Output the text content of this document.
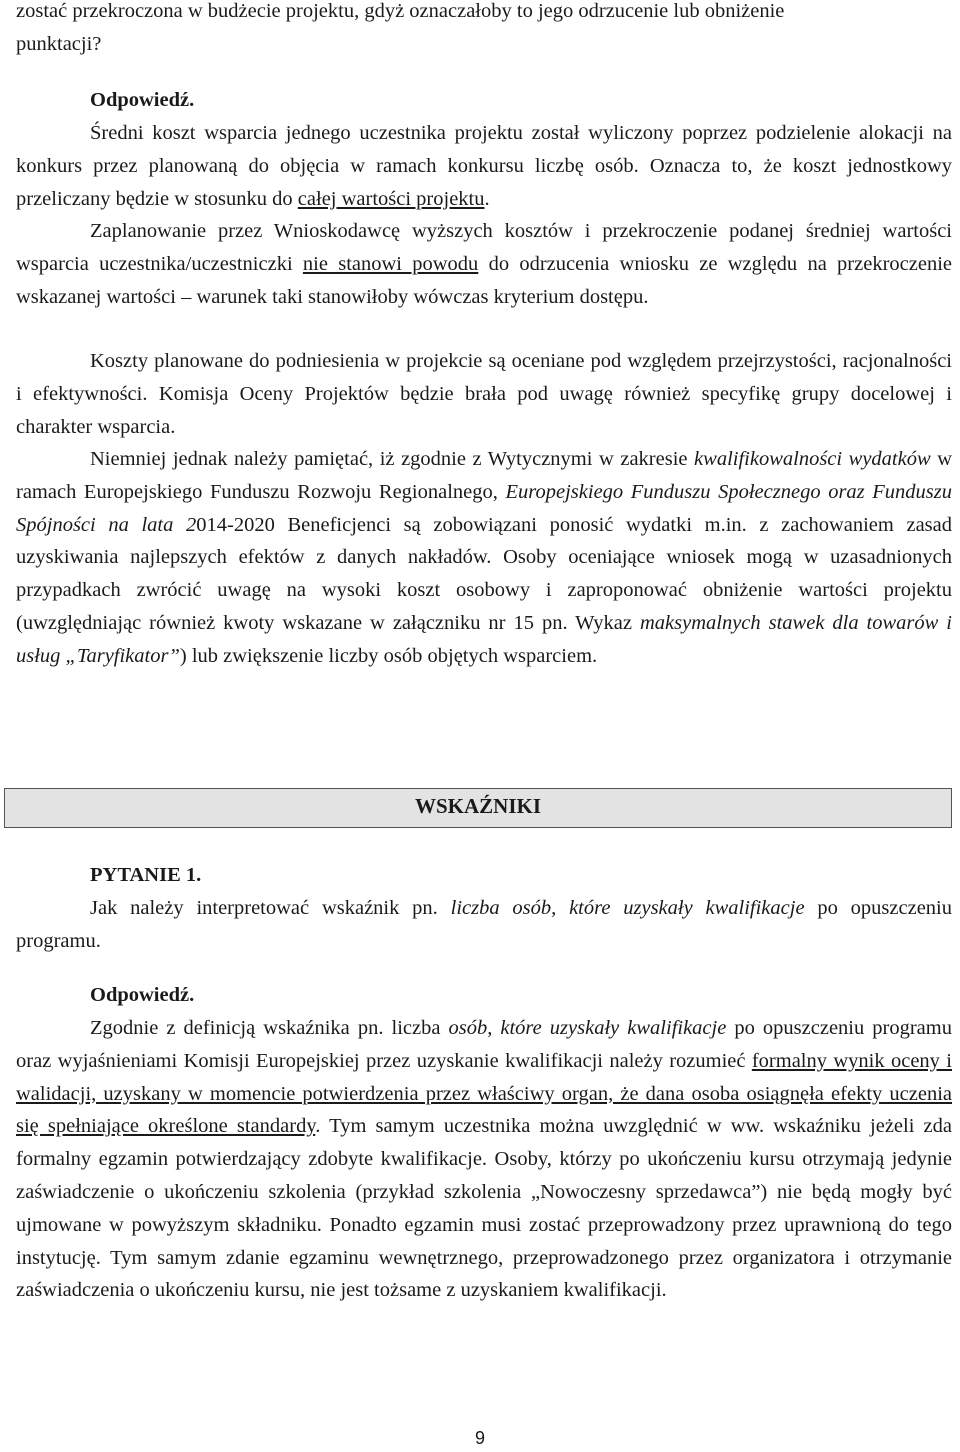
zostać przekroczona w budżecie projektu, gdyż oznaczałoby to jego odrzucenie lub obniżenie
punktacji?

Odpowiedź.

Średni koszt wsparcia jednego uczestnika projektu został wyliczony poprzez podzielenie alokacji na konkurs przez planowaną do objęcia w ramach konkursu liczbę osób. Oznacza to, że koszt jednostkowy przeliczany będzie w stosunku do całej wartości projektu.

Zaplanowanie przez Wnioskodawcę wyższych kosztów i przekroczenie podanej średniej wartości wsparcia uczestnika/uczestniczki nie stanowi powodu do odrzucenia wniosku ze względu na przekroczenie wskazanej wartości – warunek taki stanowiłoby wówczas kryterium dostępu.

Koszty planowane do podniesienia w projekcie są oceniane pod względem przejrzystości, racjonalności i efektywności. Komisja Oceny Projektów będzie brała pod uwagę również specyfikę grupy docelowej i charakter wsparcia.

Niemniej jednak należy pamiętać, iż zgodnie z Wytycznymi w zakresie kwalifikowalności wydatków w ramach Europejskiego Funduszu Rozwoju Regionalnego, Europejskiego Funduszu Społecznego oraz Funduszu Spójności na lata 2014-2020 Beneficjenci są zobowiązani ponosić wydatki m.in. z zachowaniem zasad uzyskiwania najlepszych efektów z danych nakładów. Osoby oceniające wniosek mogą w uzasadnionych przypadkach zwrócić uwagę na wysoki koszt osobowy i zaproponować obniżenie wartości projektu (uwzględniając również kwoty wskazane w załączniku nr 15 pn. Wykaz maksymalnych stawek dla towarów i usług „Taryfikator”) lub zwiększenie liczby osób objętych wsparciem.

WSKAŹNIKI

PYTANIE 1.

Jak należy interpretować wskaźnik pn. liczba osób, które uzyskały kwalifikacje po opuszczeniu programu.

Odpowiedź.

Zgodnie z definicją wskaźnika pn. liczba osób, które uzyskały kwalifikacje po opuszczeniu programu oraz wyjaśnieniami Komisji Europejskiej przez uzyskanie kwalifikacji należy rozumieć formalny wynik oceny i walidacji, uzyskany w momencie potwierdzenia przez właściwy organ, że dana osoba osiągnęła efekty uczenia się spełniające określone standardy. Tym samym uczestnika można uwzględnić w ww. wskaźniku jeżeli zda formalny egzamin potwierdzający zdobyte kwalifikacje. Osoby, którzy po ukończeniu kursu otrzymają jedynie zaświadczenie o ukończeniu szkolenia (przykład szkolenia „Nowoczesny sprzedawca”) nie będą mogły być ujmowane w powyższym składniku. Ponadto egzamin musi zostać przeprowadzony przez uprawnioną do tego instytucję. Tym samym zdanie egzaminu wewnętrznego, przeprowadzonego przez organizatora i otrzymanie zaświadczenia o ukończeniu kursu, nie jest tożsame z uzyskaniem kwalifikacji.

9
